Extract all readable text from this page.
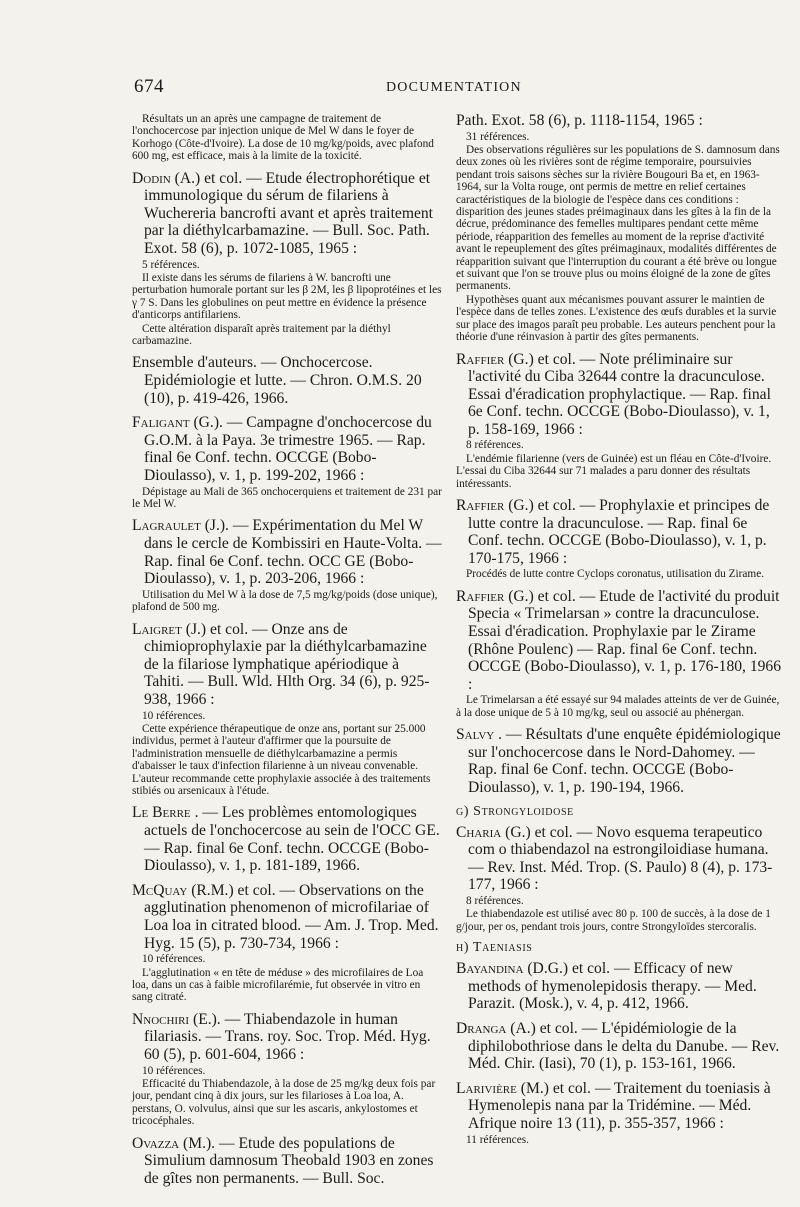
674	DOCUMENTATION

Résultats un an après une campagne de traitement de l'onchocercose par injection unique de Mel W dans le foyer de Korhogo (Côte-d'Ivoire). La dose de 10 mg/kg/poids, avec plafond 600 mg, est efficace, mais à la limite de la toxicité.

Dodin (A.) et col. — Etude électrophorétique et immunologique du sérum de filariens à Wuchereria bancrofti avant et après traitement par la diéthylcarbamazine. — Bull. Soc. Path. Exot. 58 (6), p. 1072-1085, 1965 :

5 références.

Il existe dans les sérums de filariens à W. bancrofti une perturbation humorale portant sur les β 2M, les β lipoprotéines et les γ 7 S. Dans les globulines on peut mettre en évidence la présence d'anticorps antifilariens.

Cette altération disparaît après traitement par la diéthyl carbamazine.

Ensemble d'auteurs. — Onchocercose. Epidémiologie et lutte. — Chron. O.M.S. 20 (10), p. 419-426, 1966.

Faligant (G.). — Campagne d'onchocercose du G.O.M. à la Paya. 3e trimestre 1965. — Rap. final 6e Conf. techn. OCCGE (Bobo-Dioulasso), v. 1, p. 199-202, 1966 :

Dépistage au Mali de 365 onchocerquiens et traitement de 231 par le Mel W.

Lagraulet (J.). — Expérimentation du Mel W dans le cercle de Kombissiri en Haute-Volta. — Rap. final 6e Conf. techn. OCC GE (Bobo-Dioulasso), v. 1, p. 203-206, 1966 :

Utilisation du Mel W à la dose de 7,5 mg/kg/poids (dose unique), plafond de 500 mg.

Laigret (J.) et col. — Onze ans de chimioprophylaxie par la diéthylcarbamazine de la filariose lymphatique apériodique à Tahiti. — Bull. Wld. Hlth Org. 34 (6), p. 925-938, 1966 :

10 références.

Cette expérience thérapeutique de onze ans, portant sur 25.000 individus, permet à l'auteur d'affirmer que la poursuite de l'administration mensuelle de diéthylcarbamazine a permis d'abaisser le taux d'infection filarienne à un niveau convenable. L'auteur recommande cette prophylaxie associée à des traitements stibiés ou arsenicaux à l'étude.

Le Berre . — Les problèmes entomologiques actuels de l'onchocercose au sein de l'OCC GE. — Rap. final 6e Conf. techn. OCCGE (Bobo-Dioulasso), v. 1, p. 181-189, 1966.

McQuay (R.M.) et col. — Observations on the agglutination phenomenon of microfilariae of Loa loa in citrated blood. — Am. J. Trop. Med. Hyg. 15 (5), p. 730-734, 1966 :

10 références.

L'agglutination « en tête de méduse » des microfilaires de Loa loa, dans un cas à faible microfilarémie, fut observée in vitro en sang citraté.

Nnochiri (E.). — Thiabendazole in human filariasis. — Trans. roy. Soc. Trop. Méd. Hyg. 60 (5), p. 601-604, 1966 :

10 références.

Efficacité du Thiabendazole, à la dose de 25 mg/kg deux fois par jour, pendant cinq à dix jours, sur les filarioses à Loa loa, A. perstans, O. volvulus, ainsi que sur les ascaris, ankylostomes et tricocéphales.

Ovazza (M.). — Etude des populations de Simulium damnosum Theobald 1903 en zones de gîtes non permanents. — Bull. Soc.

Path. Exot. 58 (6), p. 1118-1154, 1965 :

31 références.

Des observations régulières sur les populations de S. damnosum dans deux zones où les rivières sont de régime temporaire, poursuivies pendant trois saisons sèches sur la rivière Bougouri Ba et, en 1963-1964, sur la Volta rouge, ont permis de mettre en relief certaines caractéristiques de la biologie de l'espèce dans ces conditions : disparition des jeunes stades préimaginaux dans les gîtes à la fin de la décrue, prédominance des femelles multipares pendant cette même période, réapparition des femelles au moment de la reprise d'activité avant le repeuplement des gîtes préimaginaux, modalités différentes de réapparition suivant que l'interruption du courant a été brève ou longue et suivant que l'on se trouve plus ou moins éloigné de la zone de gîtes permanents.

Hypothèses quant aux mécanismes pouvant assurer le maintien de l'espèce dans de telles zones. L'existence des œufs durables et la survie sur place des imagos paraît peu probable. Les auteurs penchent pour la théorie d'une réinvasion à partir des gîtes permanents.

Raffier (G.) et col. — Note préliminaire sur l'activité du Ciba 32644 contre la dracunculose. Essai d'éradication prophylactique. — Rap. final 6e Conf. techn. OCCGE (Bobo-Dioulasso), v. 1, p. 158-169, 1966 :

8 références.

L'endémie filarienne (vers de Guinée) est un fléau en Côte-d'Ivoire. L'essai du Ciba 32644 sur 71 malades a paru donner des résultats intéressants.

Raffier (G.) et col. — Prophylaxie et principes de lutte contre la dracunculose. — Rap. final 6e Conf. techn. OCCGE (Bobo-Dioulasso), v. 1, p. 170-175, 1966 :

Procédés de lutte contre Cyclops coronatus, utilisation du Zirame.

Raffier (G.) et col. — Etude de l'activité du produit Specia « Trimelarsan » contre la dracunculose. Essai d'éradication. Prophylaxie par le Zirame (Rhône Poulenc) — Rap. final 6e Conf. techn. OCCGE (Bobo-Dioulasso), v. 1, p. 176-180, 1966 :

Le Trimelarsan a été essayé sur 94 malades atteints de ver de Guinée, à la dose unique de 5 à 10 mg/kg, seul ou associé au phénergan.

Salvy . — Résultats d'une enquête épidémiologique sur l'onchocercose dans le Nord-Dahomey. — Rap. final 6e Conf. techn. OCCGE (Bobo-Dioulasso), v. 1, p. 190-194, 1966.

g) Strongyloidose

Charia (G.) et col. — Novo esquema terapeutico com o thiabendazol na estrongiloidiase humana. — Rev. Inst. Méd. Trop. (S. Paulo) 8 (4), p. 173-177, 1966 :

8 références.

Le thiabendazole est utilisé avec 80 p. 100 de succès, à la dose de 1 g/jour, per os, pendant trois jours, contre Strongyloïdes stercoralis.

h) Taeniasis

Bayandina (D.G.) et col. — Efficacy of new methods of hymenolepidosis therapy. — Med. Parazit. (Mosk.), v. 4, p. 412, 1966.

Dranga (A.) et col. — L'épidémiologie de la diphilobothriose dans le delta du Danube. — Rev. Méd. Chir. (Iasi), 70 (1), p. 153-161, 1966.

Larivière (M.) et col. — Traitement du toeniasis à Hymenolepis nana par la Tridémine. — Méd. Afrique noire 13 (11), p. 355-357, 1966 :

11 références.
